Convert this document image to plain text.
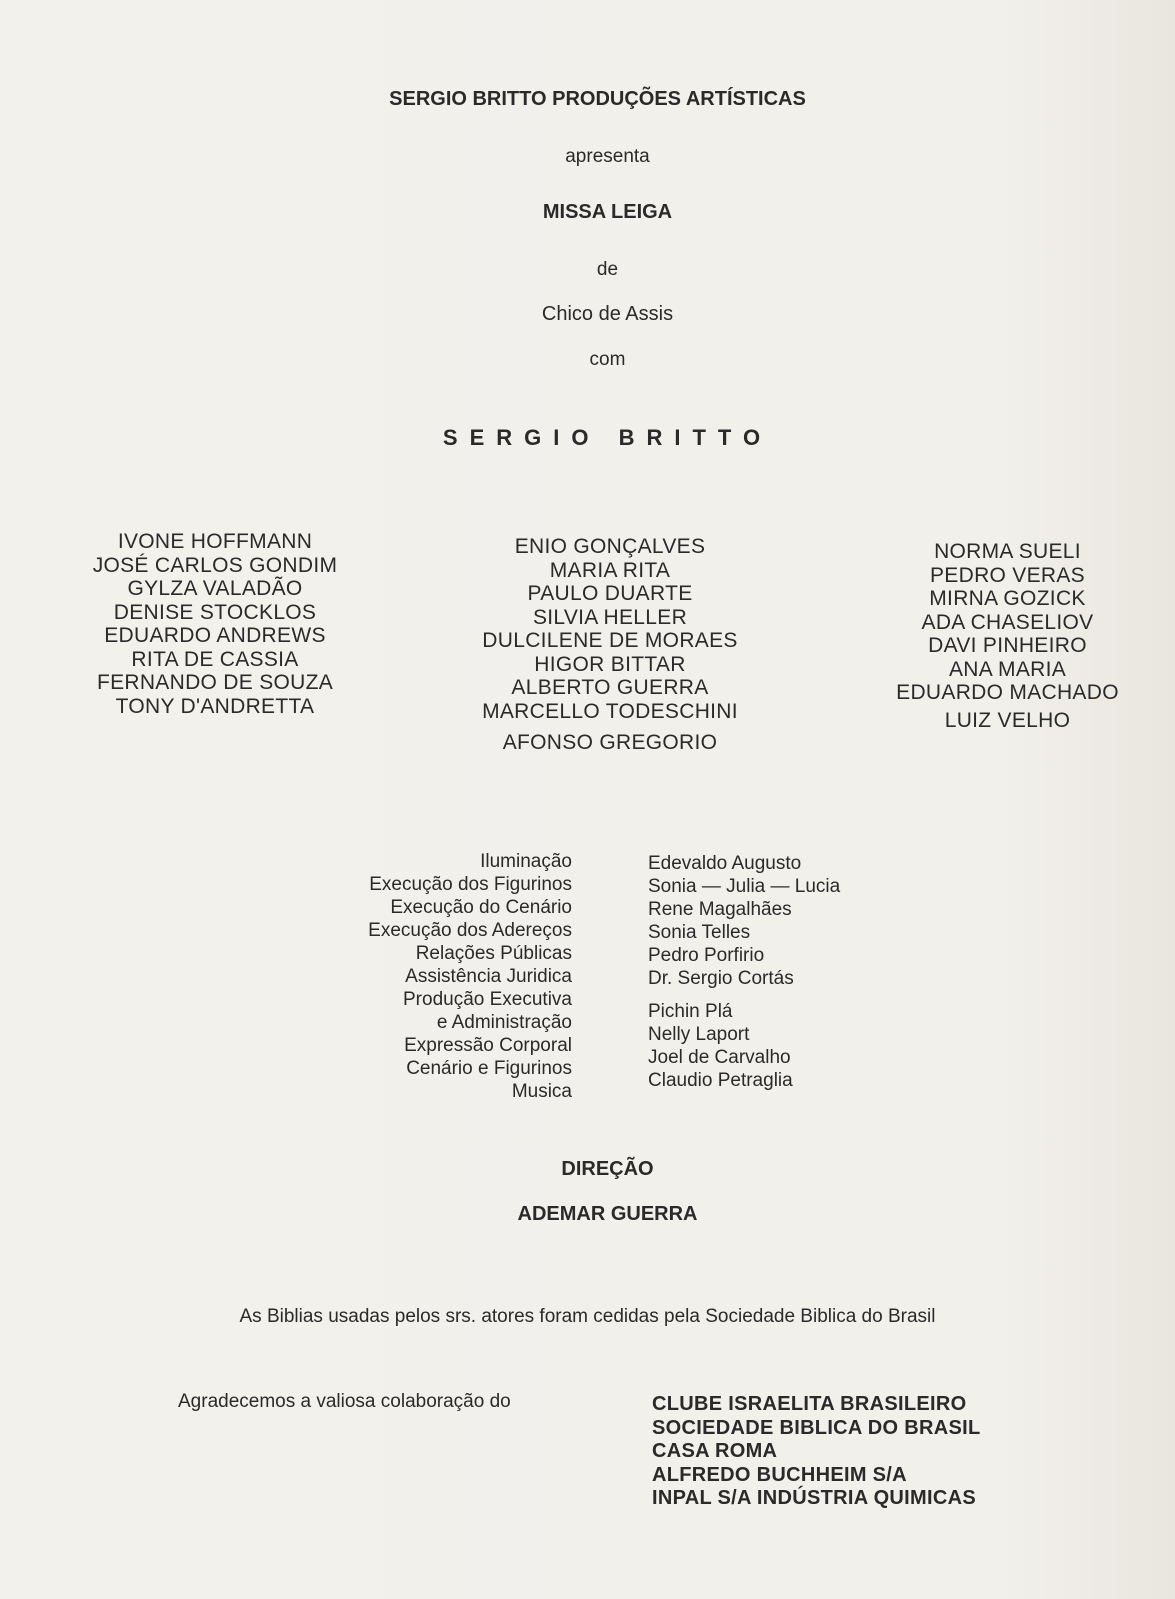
SERGIO BRITTO PRODUÇÕES ARTÍSTICAS

apresenta

MISSA LEIGA

de

Chico de Assis

com

SERGIO BRITTO

IVONE HOFFMANN
JOSÉ CARLOS GONDIM
GYLZA VALADÃO
DENISE STOCKLOS
EDUARDO ANDREWS
RITA DE CASSIA
FERNANDO DE SOUZA
TONY D'ANDRETTA
ENIO GONÇALVES
MARIA RITA
PAULO DUARTE
SILVIA HELLER
DULCILENE DE MORAES
HIGOR BITTAR
ALBERTO GUERRA
MARCELLO TODESCHINI
AFONSO GREGORIO
NORMA SUELI
PEDRO VERAS
MIRNA GOZICK
ADA CHASELIOV
DAVI PINHEIRO
ANA MARIA
EDUARDO MACHADO
LUIZ VELHO
Iluminação
Execução dos Figurinos
Execução do Cenário
Execução dos Adereços
Relações Públicas
Assistência Juridica
Produção Executiva
e Administração
Expressão Corporal
Cenário e Figurinos
Musica
Edevaldo Augusto
Sonia — Julia — Lucia
Rene Magalhães
Sonia Telles
Pedro Porfirio
Dr. Sergio Cortás
Pichin Plá
Nelly Laport
Joel de Carvalho
Claudio Petraglia

DIREÇÃO

ADEMAR GUERRA

As Biblias usadas pelos srs. atores foram cedidas pela Sociedade Biblica do Brasil
Agradecemos a valiosa colaboração do	CLUBE ISRAELITA BRASILEIRO
SOCIEDADE BIBLICA DO BRASIL
CASA ROMA
ALFREDO BUCHHEIM S/A
INPAL S/A INDÚSTRIA QUIMICAS
